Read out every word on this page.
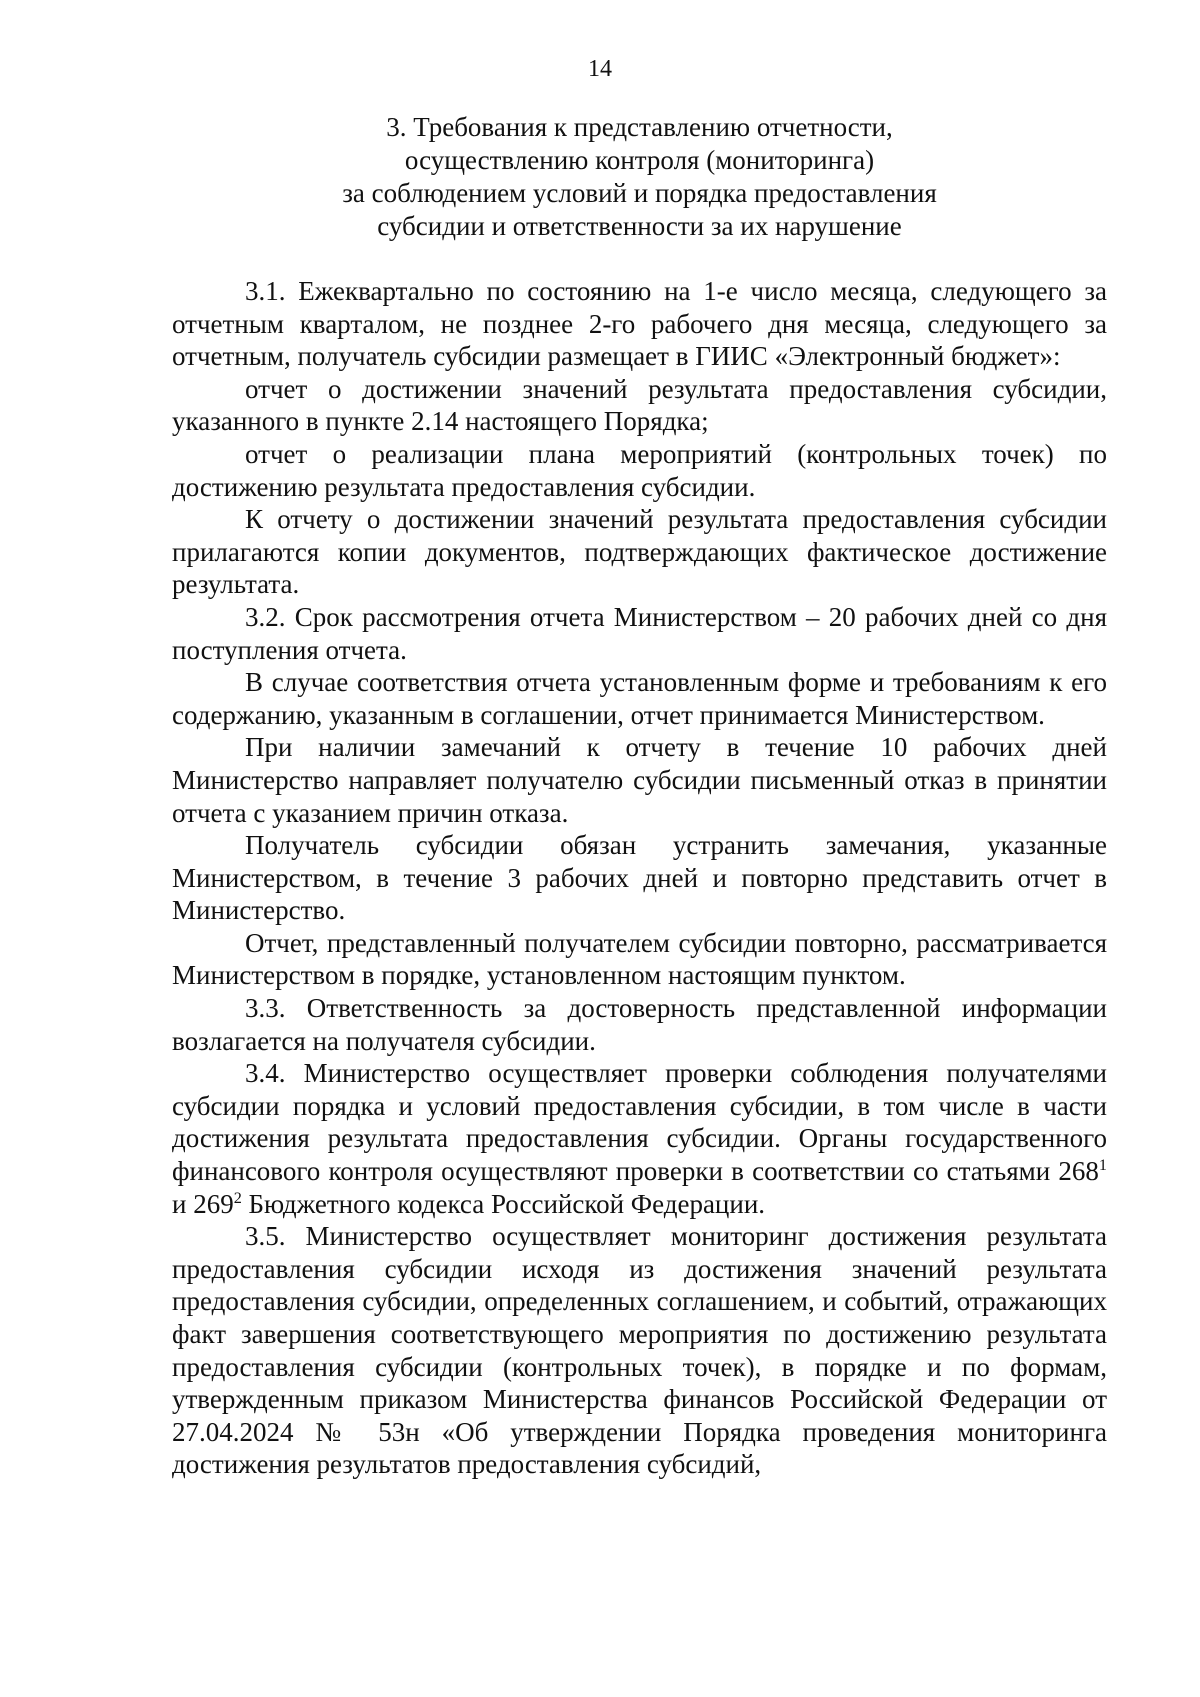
14
3. Требования к представлению отчетности,
осуществлению контроля (мониторинга)
за соблюдением условий и порядка предоставления
субсидии и ответственности за их нарушение

3.1. Ежеквартально по состоянию на 1-е число месяца, следующего за отчетным кварталом, не позднее 2-го рабочего дня месяца, следующего за отчетным, получатель субсидии размещает в ГИИС «Электронный бюджет»:

отчет о достижении значений результата предоставления субсидии, указанного в пункте 2.14 настоящего Порядка;

отчет о реализации плана мероприятий (контрольных точек) по достижению результата предоставления субсидии.

К отчету о достижении значений результата предоставления субсидии прилагаются копии документов, подтверждающих фактическое достижение результата.

3.2. Срок рассмотрения отчета Министерством – 20 рабочих дней со дня поступления отчета.

В случае соответствия отчета установленным форме и требованиям к его содержанию, указанным в соглашении, отчет принимается Министерством.

При наличии замечаний к отчету в течение 10 рабочих дней Министерство направляет получателю субсидии письменный отказ в принятии отчета с указанием причин отказа.

Получатель субсидии обязан устранить замечания, указанные Министерством, в течение 3 рабочих дней и повторно представить отчет в Министерство.

Отчет, представленный получателем субсидии повторно, рассматривается Министерством в порядке, установленном настоящим пунктом.

3.3. Ответственность за достоверность представленной информации возлагается на получателя субсидии.

3.4. Министерство осуществляет проверки соблюдения получателями субсидии порядка и условий предоставления субсидии, в том числе в части достижения результата предоставления субсидии. Органы государственного финансового контроля осуществляют проверки в соответствии со статьями $268^1$ и $269^2$ Бюджетного кодекса Российской Федерации.

3.5. Министерство осуществляет мониторинг достижения результата предоставления субсидии исходя из достижения значений результата предоставления субсидии, определенных соглашением, и событий, отражающих факт завершения соответствующего мероприятия по достижению результата предоставления субсидии (контрольных точек), в порядке и по формам, утвержденным приказом Министерства финансов Российской Федерации от 27.04.2024 № 53н «Об утверждении Порядка проведения мониторинга достижения результатов предоставления субсидий,
